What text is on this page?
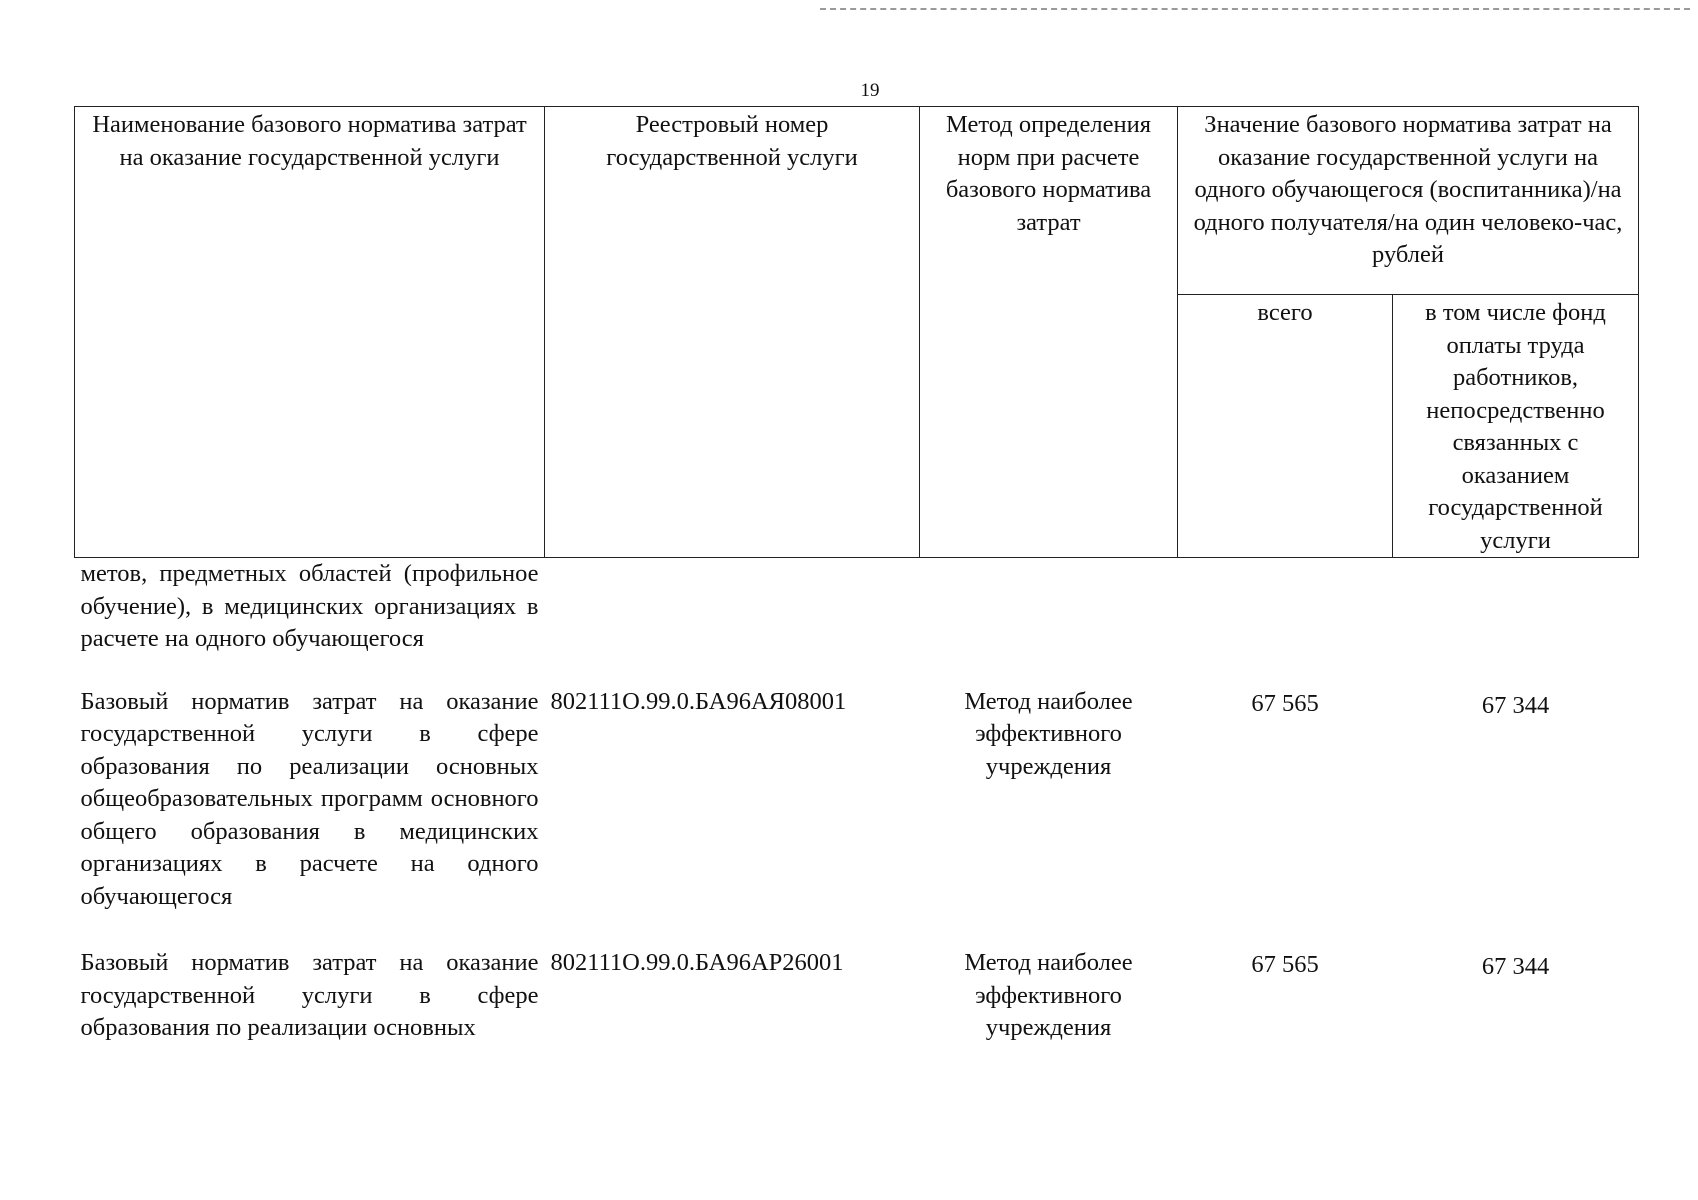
19
Наименование базового норматива затрат на оказание государственной услуги	Реестровый номер государственной услуги	Метод определения норм при расчете базового норматива затрат	Значение базового норматива затрат на оказание государственной услуги на одного обучающегося (воспитанника)/на одного получателя/на один человеко-час, рублей	
			всего	в том числе фонд оплаты труда работников, непосредственно связанных с оказанием государственной услуги
метов, предметных областей (профильное обучение), в медицинских организациях в расчете на одного обучающегося				
Базовый норматив затрат на оказание государственной услуги в сфере образования по реализации основных общеобразовательных программ основного общего образования в медицинских организациях в расчете на одного обучающегося	802111О.99.0.БА96АЯ08001	Метод наиболее эффективного учреждения	67 565	67 344
Базовый норматив затрат на оказание государственной услуги в сфере образования по реализации основных	802111О.99.0.БА96АР26001	Метод наиболее эффективного учреждения	67 565	67 344
